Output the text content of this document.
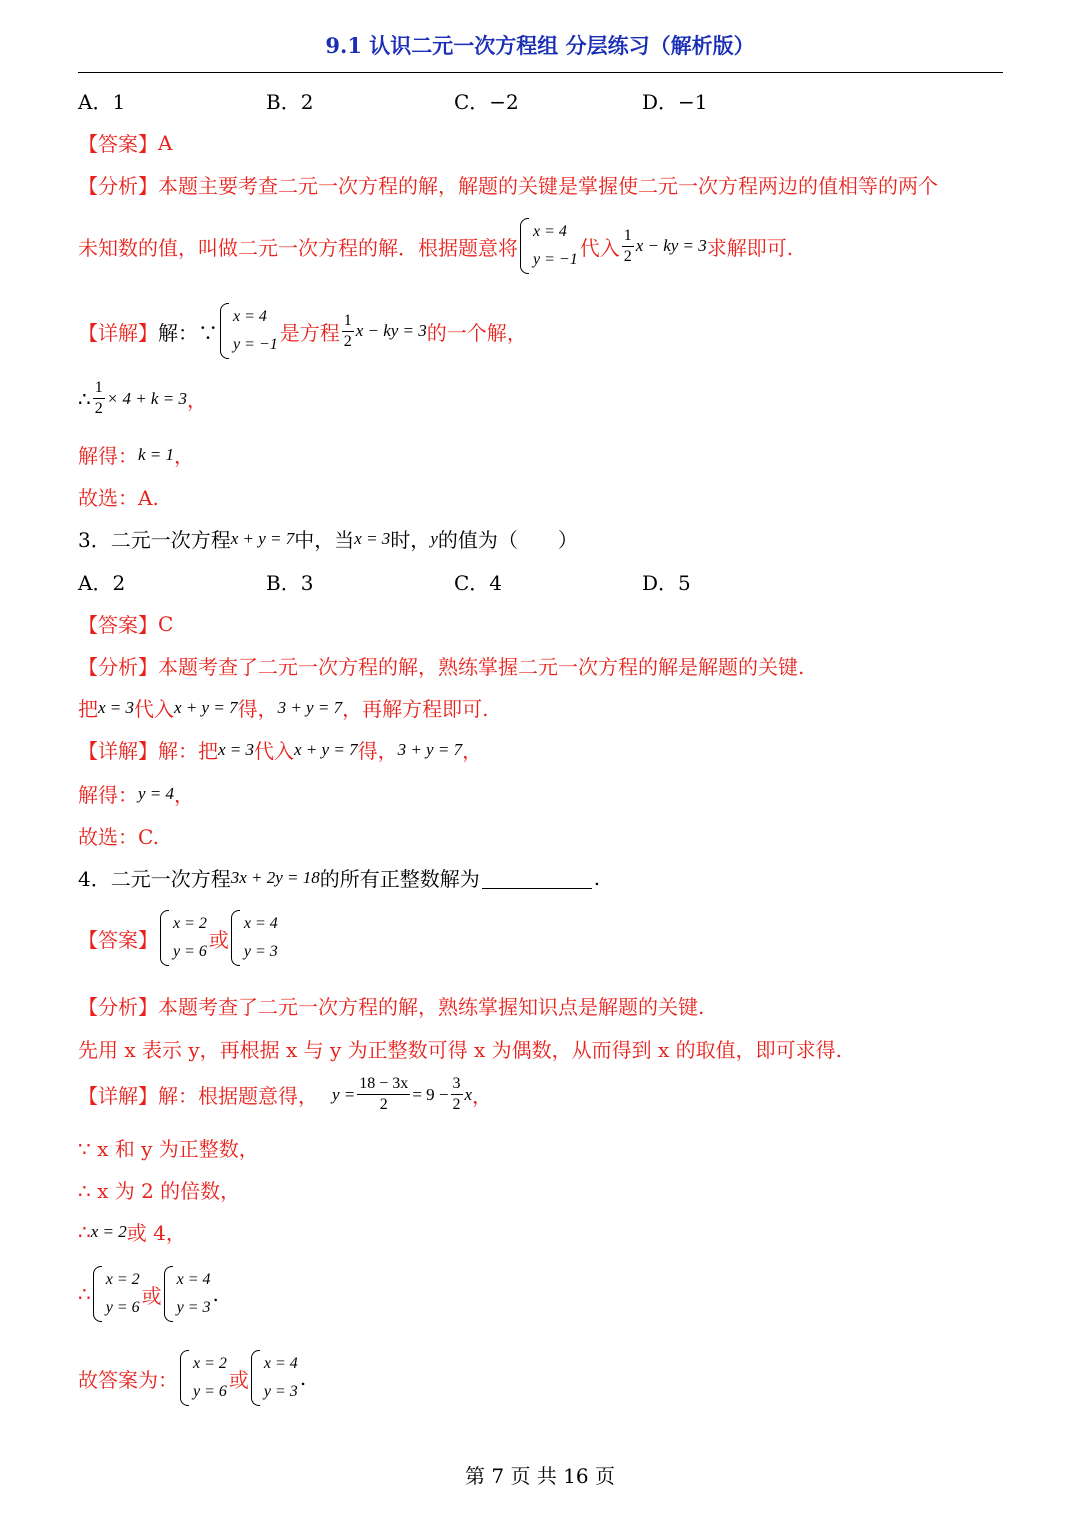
9.1 认识二元一次方程组 分层练习（解析版）
A．1	B．2	C．−2	D．−1
【答案】 A
【分析】 本题主要考查二元一次方程的解，解题的关键是掌握使二元一次方程两边的值相等的两个
未知数的值，叫做二元一次方程的解．根据题意将
x = 4
y = −1 代入 $\frac{1}{2}$ x − ky = 3 求解即可.
【详解】 解：∵
x = 4
y = −1 是方程 $\frac{1}{2}$ x − ky = 3 的一个解，
∴ $\frac{1}{2} \times 4 + k = 3$ ，
解得： k = 1 ，
故选：A.
3．二元一次方程 x + y = 7 中，当 x = 3 时， y 的值为（　　）
A．2	B．3	C．4	D．5
【答案】 C
【分析】 本题考查了二元一次方程的解，熟练掌握二元一次方程的解是解题的关键.
把 x = 3 代入 x + y = 7 得， 3 + y = 7 ，再解方程即可.
【详解】 解：把 x = 3 代入 x + y = 7 得， 3 + y = 7 ，
解得： y = 4 ，
故选：C.
4．二元一次方程 3x + 2y = 18 的所有正整数解为	.
【答案】
x = 2
y = 6 或
x = 4
y = 3
【分析】 本题考查了二元一次方程的解，熟练掌握知识点是解题的关键.
先用 x 表示 y，再根据 x 与 y 为正整数可得 x 为偶数，从而得到 x 的取值，即可求得.
【详解】 解：根据题意得， $y = \frac{18 - 3x}{2} = 9 - \frac{3}{2}$ x ，
∵ x 和 y 为正整数，
∴ x 为 2 的倍数，
∴ x = 2 或 4，
∴
x = 2
y = 6 或
x = 4
y = 3
.
故答案为：
x = 2
y = 6 或
x = 4
y = 3
.
第 7 页 共 16 页
